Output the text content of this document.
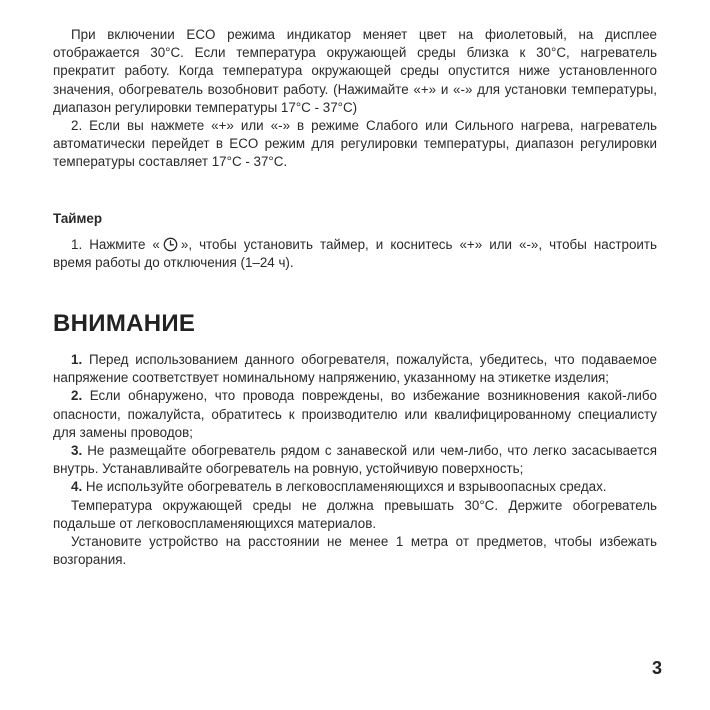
При включении ECO режима индикатор меняет цвет на фиолетовый, на дисплее отображается 30°C. Если температура окружающей среды близка к 30°C, нагреватель прекратит работу. Когда температура окружающей среды опустится ниже установленного значения, обогреватель возобновит работу. (Нажимайте «+» и «-» для установки температуры, диапазон регулировки температуры 17°C - 37°C)

2. Если вы нажмете «+» или «-» в режиме Слабого или Сильного нагрева, нагреватель автоматически перейдет в ECO режим для регулировки температуры, диапазон регулировки температуры составляет 17°C - 37°C.

Таймер

1. Нажмите « », чтобы установить таймер, и коснитесь «+» или «-», чтобы настроить время работы до отключения (1–24 ч).

ВНИМАНИЕ

1. Перед использованием данного обогревателя, пожалуйста, убедитесь, что подаваемое напряжение соответствует номинальному напряжению, указанному на этикетке изделия;

2. Если обнаружено, что провода повреждены, во избежание возникновения какой-либо опасности, пожалуйста, обратитесь к производителю или квалифицированному специалисту для замены проводов;

3. Не размещайте обогреватель рядом с занавеской или чем-либо, что легко засасывается внутрь. Устанавливайте обогреватель на ровную, устойчивую поверхность;

4. Не используйте обогреватель в легковоспламеняющихся и взрывоопасных средах.

Температура окружающей среды не должна превышать 30°C. Держите обогреватель подальше от легковоспламеняющихся материалов.

Установите устройство на расстоянии не менее 1 метра от предметов, чтобы избежать возгорания.

3
